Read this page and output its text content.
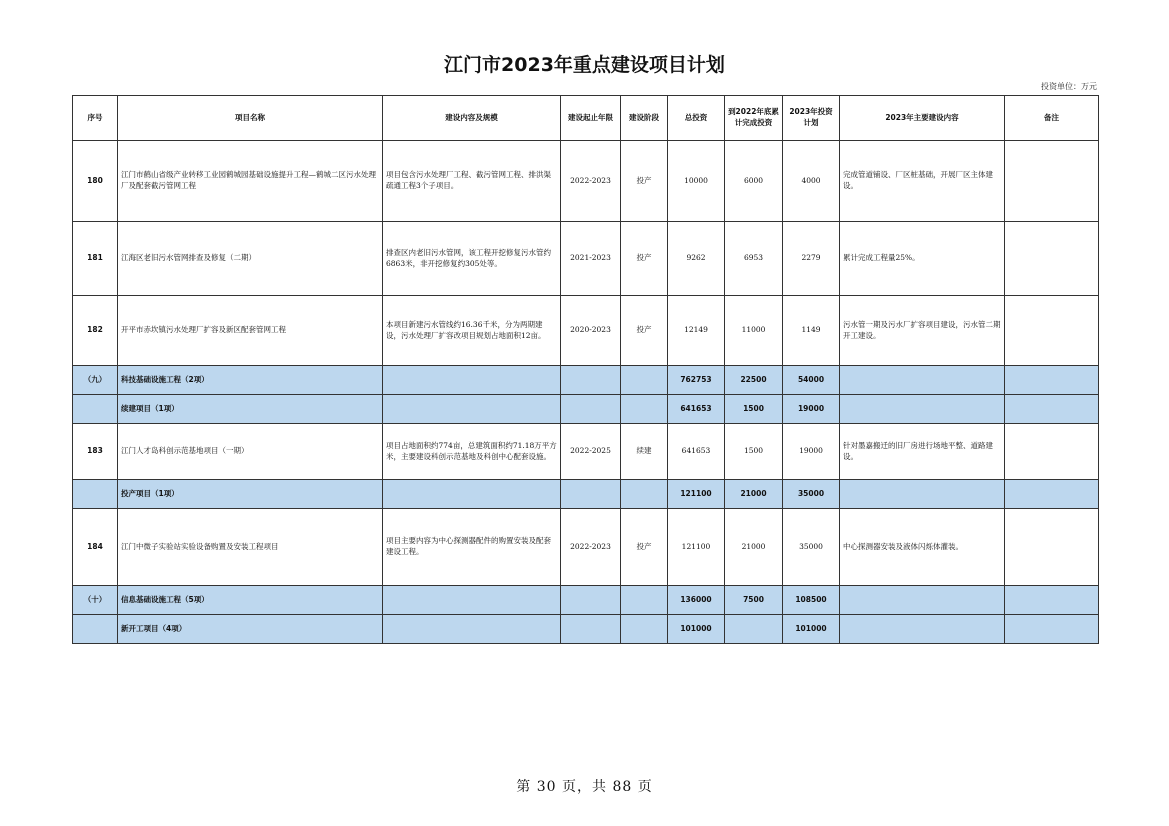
江门市2023年重点建设项目计划
投资单位：万元
序号	项目名称	建设内容及规模	建设起止年限	建设阶段	总投资	到2022年底累计完成投资	2023年投资计划	2023年主要建设内容	备注
180	江门市鹤山省级产业转移工业园鹤城园基础设施提升工程—鹤城二区污水处理厂及配套截污管网工程	项目包含污水处理厂工程、截污管网工程、排洪渠疏通工程3个子项目。	2022-2023	投产	10000	6000	4000	完成管道铺设、厂区桩基础，开展厂区主体建设。	
181	江海区老旧污水管网排查及修复（二期）	排查区内老旧污水管网，该工程开挖修复污水管约6863米，非开挖修复约305处等。	2021-2023	投产	9262	6953	2279	累计完成工程量25%。	
182	开平市赤坎镇污水处理厂扩容及新区配套管网工程	本项目新建污水管线约16.36千米，分为两期建设，污水处理厂扩容改项目规划占地面积12亩。	2020-2023	投产	12149	11000	1149	污水管一期及污水厂扩容项目建设，污水管二期开工建设。	
（九）	科技基础设施工程（2项）				762753	22500	54000		
	续建项目（1项）				641653	1500	19000		
183	江门人才岛科创示范基地项目（一期）	项目占地面积约774亩，总建筑面积约71.18万平方米，主要建设科创示范基地及科创中心配套设施。	2022-2025	续建	641653	1500	19000	针对墨嘉搬迁的旧厂房进行场地平整、道路建设。	
	投产项目（1项）				121100	21000	35000		
184	江门中微子实验站实验设备购置及安装工程项目	项目主要内容为中心探测器配件的购置安装及配套建设工程。	2022-2023	投产	121100	21000	35000	中心探测器安装及液体闪烁体灌装。	
（十）	信息基础设施工程（5项）				136000	7500	108500		
	新开工项目（4项）				101000		101000		
第 30 页，共 88 页
